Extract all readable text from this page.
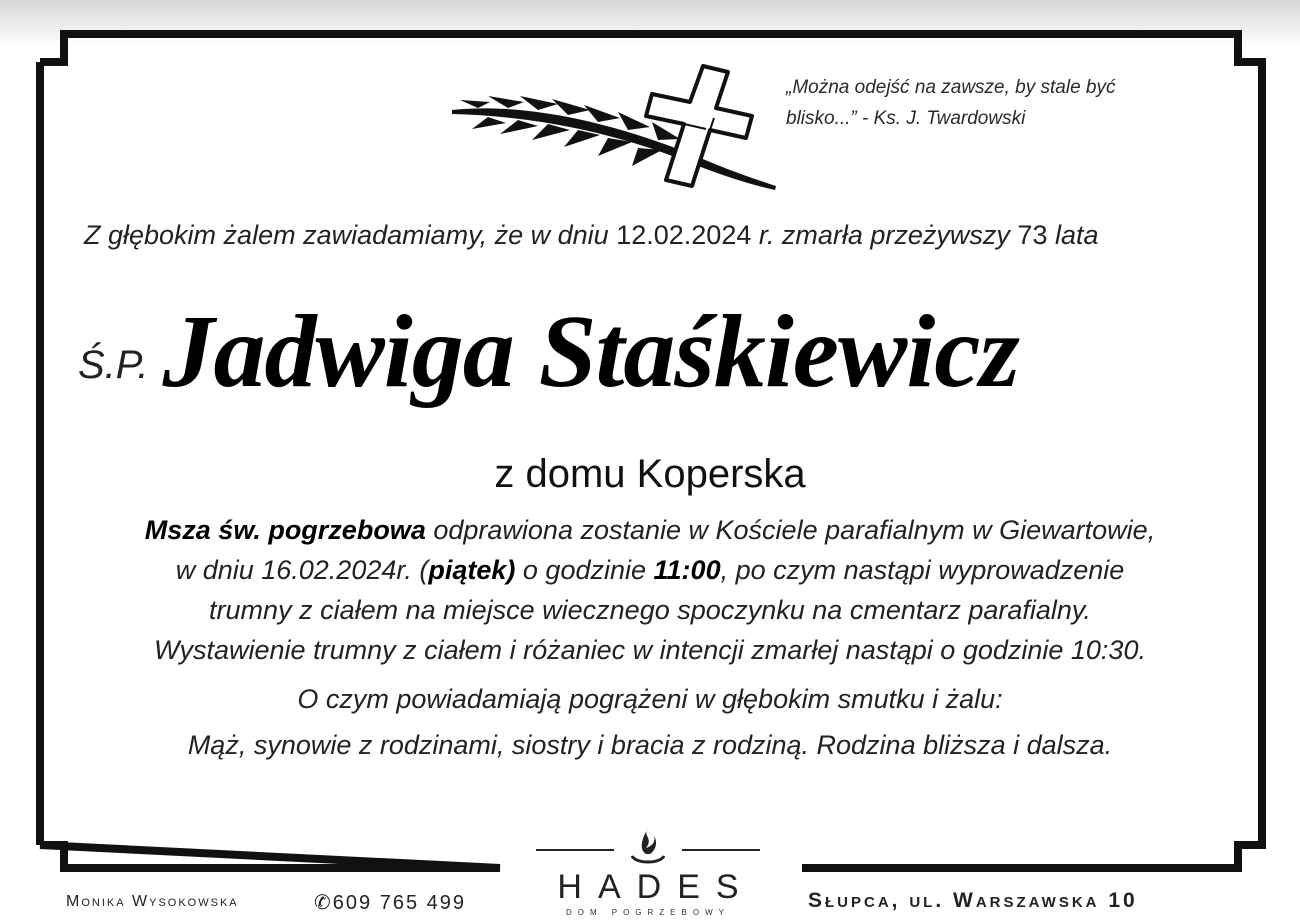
„Można odejść na zawsze, by stale być
blisko...” - Ks. J. Twardowski
Z głębokim żalem zawiadamiamy, że w dniu 12.02.2024 r. zmarła przeżywszy 73 lata
Ś.P. Jadwiga Staśkiewicz
z domu Koperska
Msza św. pogrzebowa odprawiona zostanie w Kościele parafialnym w Giewartowie,
w dniu 16.02.2024r. (piątek) o godzinie 11:00, po czym nastąpi wyprowadzenie
trumny z ciałem na miejsce wiecznego spoczynku na cmentarz parafialny.
Wystawienie trumny z ciałem i różaniec w intencji zmarłej nastąpi o godzinie 10:30.
O czym powiadamiają pogrążeni w głębokim smutku i żalu:
Mąż, synowie z rodzinami, siostry i bracia z rodziną. Rodzina bliższa i dalsza.
Monika Wysokowska	✆609 765 499	HADES
dom pogrzebowy	Słupca, ul. Warszawska 10
